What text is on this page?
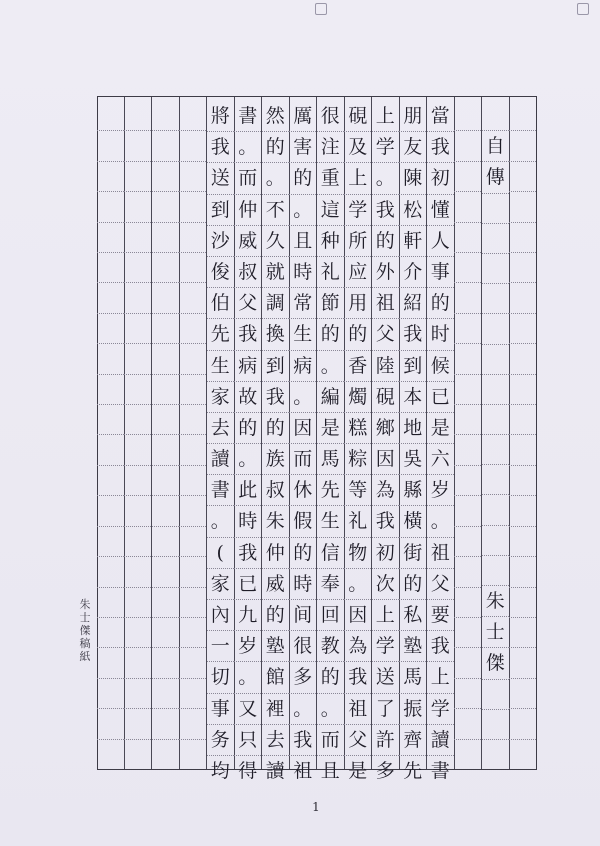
自
傳
朱
士
傑
當
我
初
懂
人
事
的
时
候
已
是
六
岁
。
祖
父
要
我
上
学
讀
書
朋
友
陳
松
軒
介
紹
我
到
本
地
吳
縣
橫
街
的
私
塾
馬
振
齊
先
上
学
。
我
的
外
祖
父
陸
硯
鄉
因
為
我
初
次
上
学
送
了
許
多
硯
及
上
学
所
应
用
的
香
燭
糕
粽
等
礼
物
。
因
為
我
祖
父
是
很
注
重
這
种
礼
節
的
。
編
是
馬
先
生
信
奉
回
教
的
。
而
且
厲
害
的
。
且
時
常
生
病
。
因
而
休
假
的
時
间
很
多
。
我
祖
然
的
。
不
久
就
調
換
到
我
的
族
叔
朱
仲
威
的
塾
館
裡
去
讀
書
。
而
仲
威
叔
父
我
病
故
的
。
此
時
我
已
九
岁
。
又
只
得
將
我
送
到
沙
俊
伯
先
生
家
去
讀
書
。
(
家
內
一
切
事
务
均
朱士傑稿紙
1
